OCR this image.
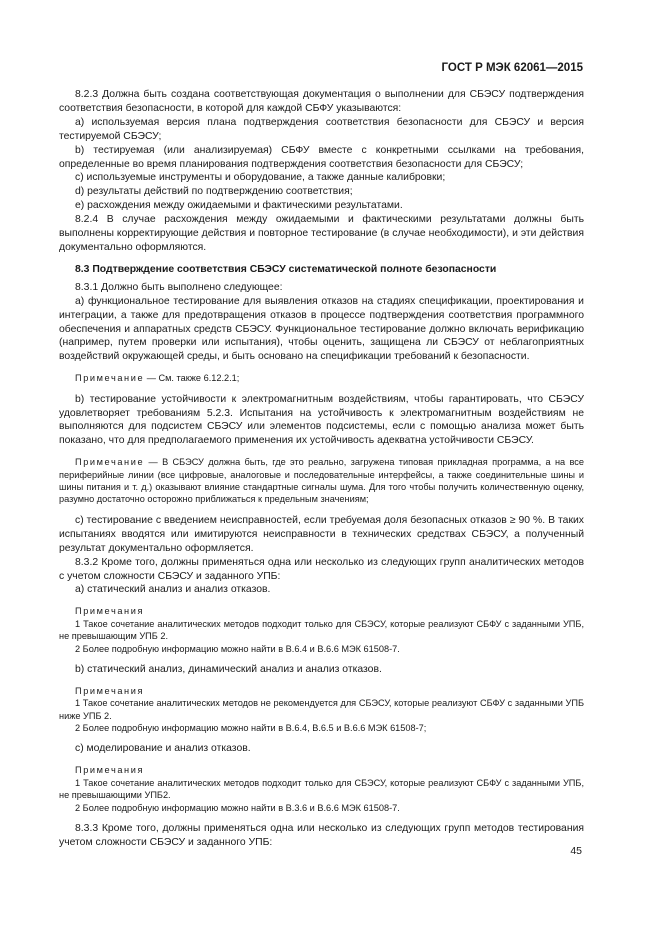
ГОСТ Р МЭК 62061—2015

8.2.3 Должна быть создана соответствующая документация о выполнении для СБЭСУ подтверждения соответствия безопасности, в которой для каждой СБФУ указываются:

а) используемая версия плана подтверждения соответствия безопасности для СБЭСУ и версия тестируемой СБЭСУ;

b) тестируемая (или анализируемая) СБФУ вместе с конкретными ссылками на требования, определенные во время планирования подтверждения соответствия безопасности для СБЭСУ;

c) используемые инструменты и оборудование, а также данные калибровки;

d) результаты действий по подтверждению соответствия;

e) расхождения между ожидаемыми и фактическими результатами.

8.2.4 В случае расхождения между ожидаемыми и фактическими результатами должны быть выполнены корректирующие действия и повторное тестирование (в случае необходимости), и эти действия документально оформляются.

8.3 Подтверждение соответствия СБЭСУ систематической полноте безопасности

8.3.1 Должно быть выполнено следующее:

а) функциональное тестирование для выявления отказов на стадиях спецификации, проектирования и интеграции, а также для предотвращения отказов в процессе подтверждения соответствия программного обеспечения и аппаратных средств СБЭСУ. Функциональное тестирование должно включать верификацию (например, путем проверки или испытания), чтобы оценить, защищена ли СБЭСУ от неблагоприятных воздействий окружающей среды, и быть основано на спецификации требований к безопасности.

Примечание — См. также 6.12.2.1;

b) тестирование устойчивости к электромагнитным воздействиям, чтобы гарантировать, что СБЭСУ удовлетворяет требованиям 5.2.3. Испытания на устойчивость к электромагнитным воздействиям не выполняются для подсистем СБЭСУ или элементов подсистемы, если с помощью анализа может быть показано, что для предполагаемого применения их устойчивость адекватна устойчивости СБЭСУ.

Примечание — В СБЭСУ должна быть, где это реально, загружена типовая прикладная программа, а на все периферийные линии (все цифровые, аналоговые и последовательные интерфейсы, а также соединительные шины и шины питания и т. д.) оказывают влияние стандартные сигналы шума. Для того чтобы получить количественную оценку, разумно достаточно осторожно приближаться к предельным значениям;

c) тестирование с введением неисправностей, если требуемая доля безопасных отказов ≥ 90 %. В таких испытаниях вводятся или имитируются неисправности в технических средствах СБЭСУ, а полученный результат документально оформляется.

8.3.2 Кроме того, должны применяться одна или несколько из следующих групп аналитических методов с учетом сложности СБЭСУ и заданного УПБ:

а) статический анализ и анализ отказов.

Примечания

1 Такое сочетание аналитических методов подходит только для СБЭСУ, которые реализуют СБФУ с заданными УПБ, не превышающим УПБ 2.

2 Более подробную информацию можно найти в В.6.4 и В.6.6 МЭК 61508-7.

b) статический анализ, динамический анализ и анализ отказов.

Примечания

1 Такое сочетание аналитических методов не рекомендуется для СБЭСУ, которые реализуют СБФУ с заданными УПБ ниже УПБ 2.

2 Более подробную информацию можно найти в В.6.4, В.6.5 и В.6.6 МЭК 61508-7;

c) моделирование и анализ отказов.

Примечания

1 Такое сочетание аналитических методов подходит только для СБЭСУ, которые реализуют СБФУ с заданными УПБ, не превышающими УПБ2.

2 Более подробную информацию можно найти в В.3.6 и В.6.6 МЭК 61508-7.

8.3.3 Кроме того, должны применяться одна или несколько из следующих групп методов тестирования учетом сложности СБЭСУ и заданного УПБ:

45
